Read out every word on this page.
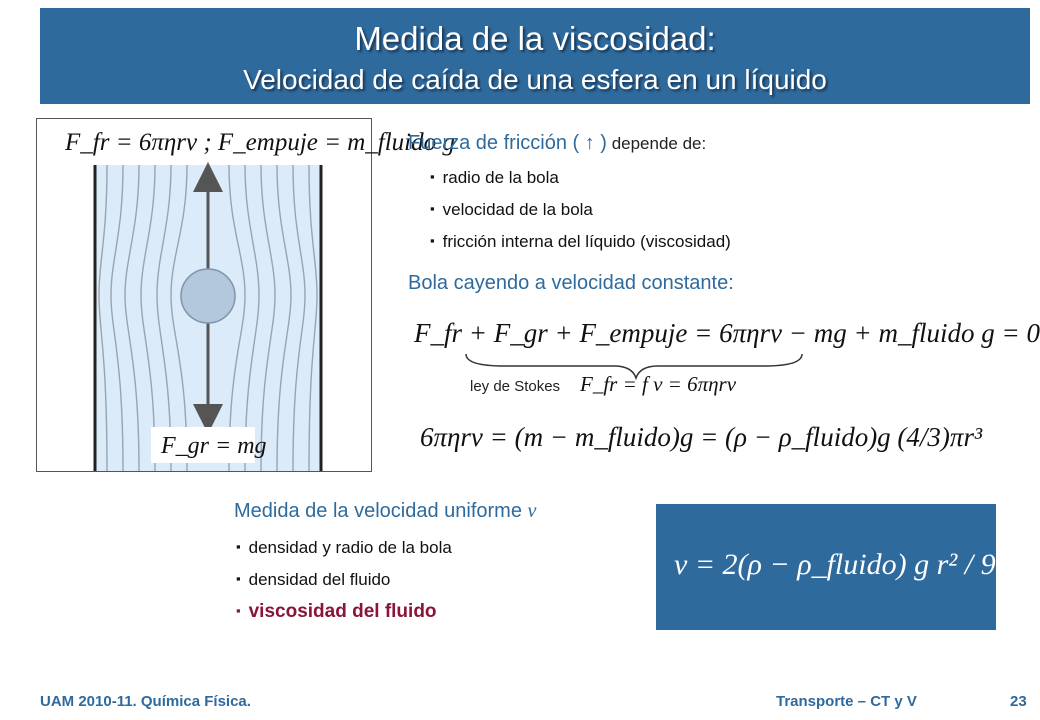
Medida de la viscosidad:
Velocidad de caída de una esfera en un líquido
F_fr = 6πηrv ; F_empuje = m_fluido g
F_gr = mg
Fuerza de fricción ( ↑ ) depende de:
▪ radio de la bola
▪ velocidad de la bola
▪ fricción interna del líquido (viscosidad)
Bola cayendo a velocidad constante:
F_fr + F_gr + F_empuje = 6πηrv − mg + m_fluido g = 0
ley de Stokes F_fr = f v = 6πηrv
6πηrv = (m − m_fluido)g = (ρ − ρ_fluido)g (4/3)πr³
Medida de la velocidad uniforme v
▪ densidad y radio de la bola
▪ densidad del fluido
▪ viscosidad del fluido
v = 2(ρ − ρ_fluido) g r² / 9η
UAM 2010-11. Química Física.	Transporte – CT y V	23
